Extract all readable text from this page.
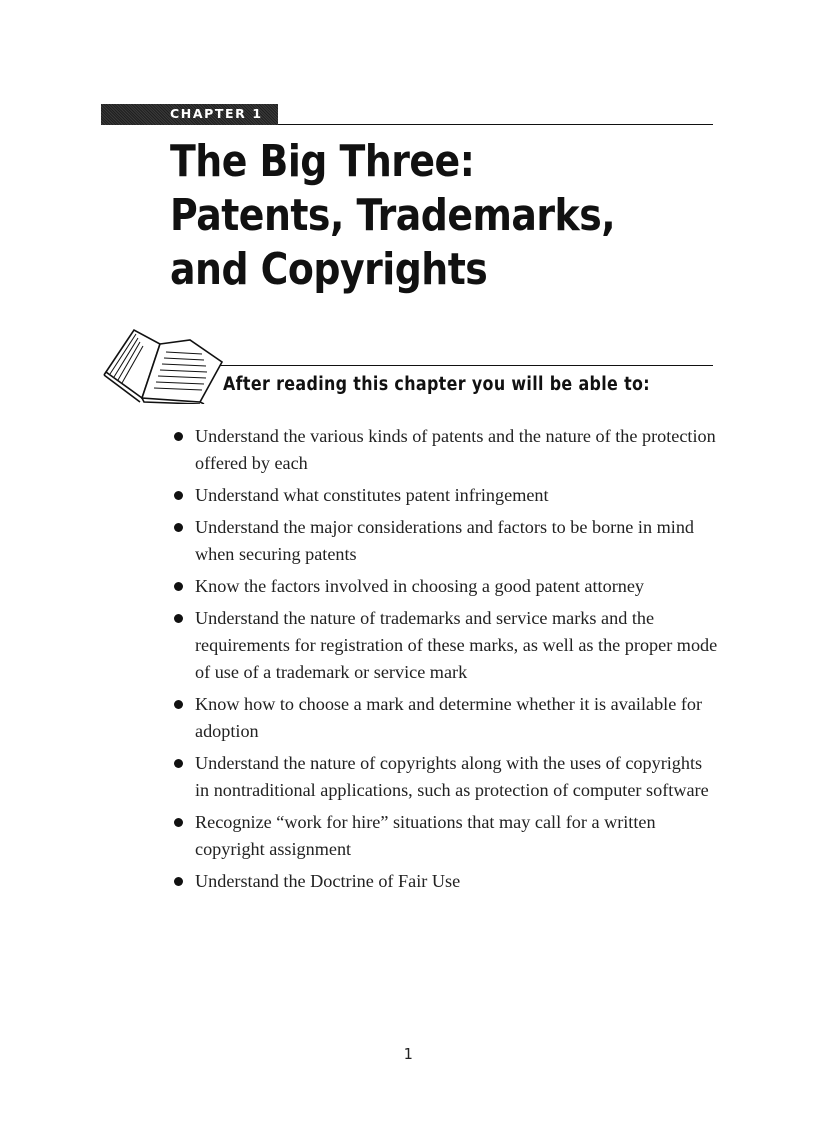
CHAPTER 1
The Big Three: Patents, Trademarks, and Copyrights
After reading this chapter you will be able to:
Understand the various kinds of patents and the nature of the protection offered by each
Understand what constitutes patent infringement
Understand the major considerations and factors to be borne in mind when securing patents
Know the factors involved in choosing a good patent attorney
Understand the nature of trademarks and service marks and the requirements for registration of these marks, as well as the proper mode of use of a trademark or service mark
Know how to choose a mark and determine whether it is available for adoption
Understand the nature of copyrights along with the uses of copyrights in nontraditional applications, such as protection of computer software
Recognize “work for hire” situations that may call for a written copyright assignment
Understand the Doctrine of Fair Use
1
